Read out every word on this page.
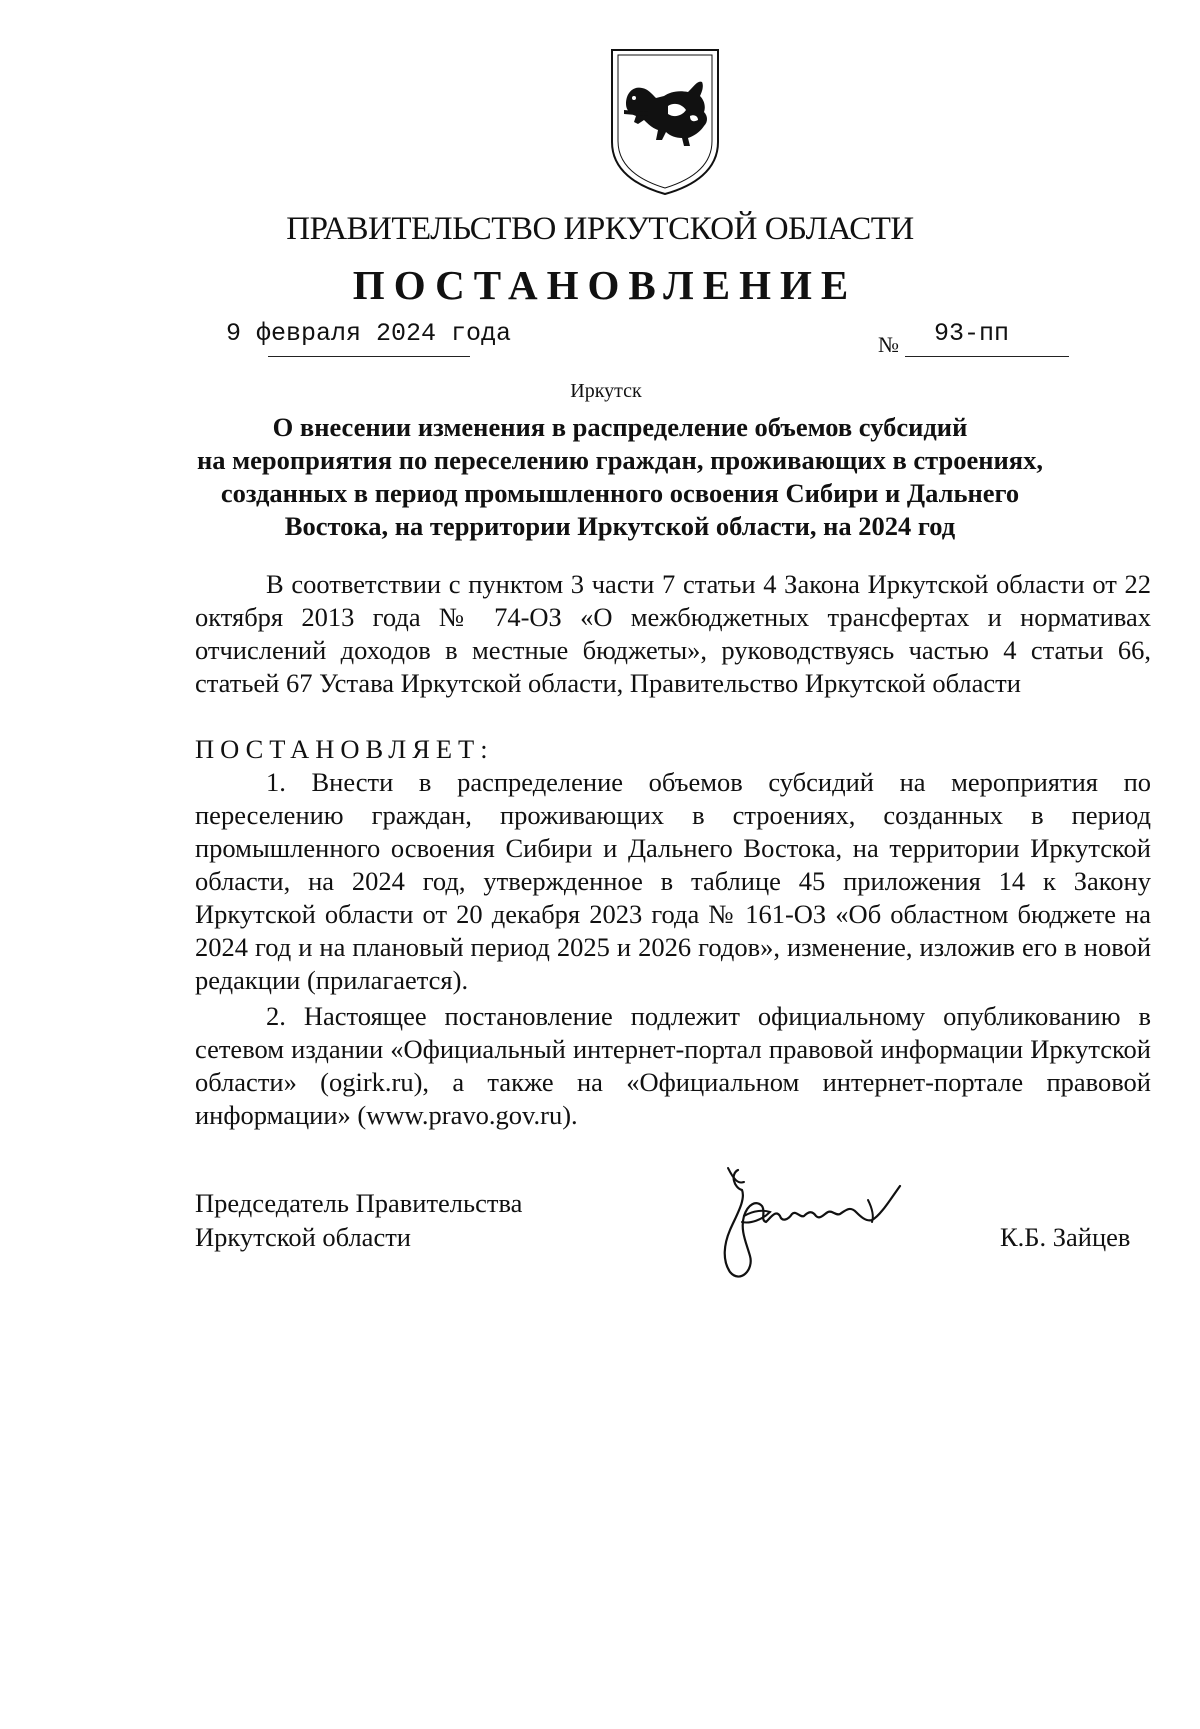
ПРАВИТЕЛЬСТВО ИРКУТСКОЙ ОБЛАСТИ
ПОСТАНОВЛЕНИЕ
9 февраля 2024 года	№ 93-пп
Иркутск
О внесении изменения в распределение объемов субсидий
на мероприятия по переселению граждан, проживающих в строениях,
созданных в период промышленного освоения Сибири и Дальнего
Востока, на территории Иркутской области, на 2024 год
В соответствии с пунктом 3 части 7 статьи 4 Закона Иркутской области от 22 октября 2013 года № 74-ОЗ «О межбюджетных трансфертах и нормативах отчислений доходов в местные бюджеты», руководствуясь частью 4 статьи 66, статьей 67 Устава Иркутской области, Правительство Иркутской области
ПОСТАНОВЛЯЕТ:
1. Внести в распределение объемов субсидий на мероприятия по переселению граждан, проживающих в строениях, созданных в период промышленного освоения Сибири и Дальнего Востока, на территории Иркутской области, на 2024 год, утвержденное в таблице 45 приложения 14 к Закону Иркутской области от 20 декабря 2023 года № 161-ОЗ «Об областном бюджете на 2024 год и на плановый период 2025 и 2026 годов», изменение, изложив его в новой редакции (прилагается).
2. Настоящее постановление подлежит официальному опубликованию в сетевом издании «Официальный интернет-портал правовой информации Иркутской области» (ogirk.ru), а также на «Официальном интернет-портале правовой информации» (www.pravo.gov.ru).
Председатель Правительства
Иркутской области	К.Б. Зайцев
